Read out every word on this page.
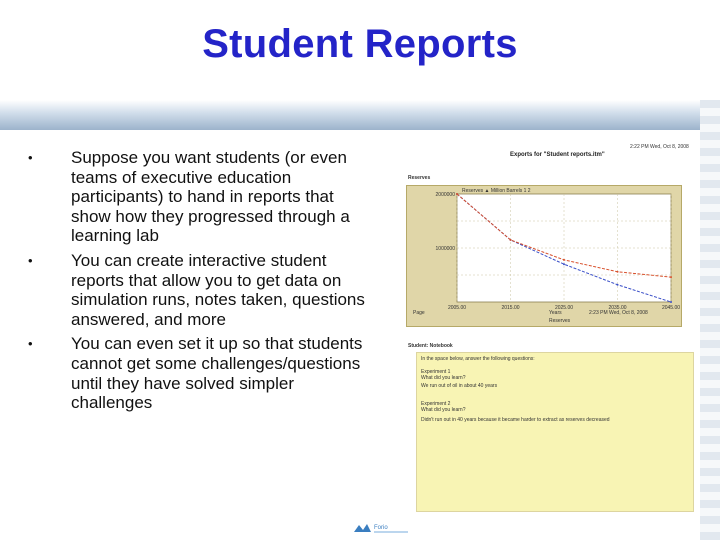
Student Reports
•	Suppose you want students (or even teams of executive education participants) to hand in reports that show how they progressed through a learning lab
•	You can create interactive student reports that allow you to get data on simulation runs, notes taken, questions answered, and more
•	You can even set it up so that students cannot get some challenges/questions until they have solved simpler challenges
2:22 PM Wed, Oct 8, 2008
Exports for "Student reports.itm"
Reserves
Reserves ▲ Million Barrels 1 2
2000000
1000000
2005.00	2015.00	2025.00	2035.00	2045.00
Page	Years	2:23 PM Wed, Oct 8, 2008
Reserves
Student: Notebook
In the space below, answer the following questions:
Experiment 1
What did you learn?
We run out of oil in about 40 years
Experiment 2
What did you learn?
Didn't run out in 40 years because it became harder to extract as reserves decreased
Forio
